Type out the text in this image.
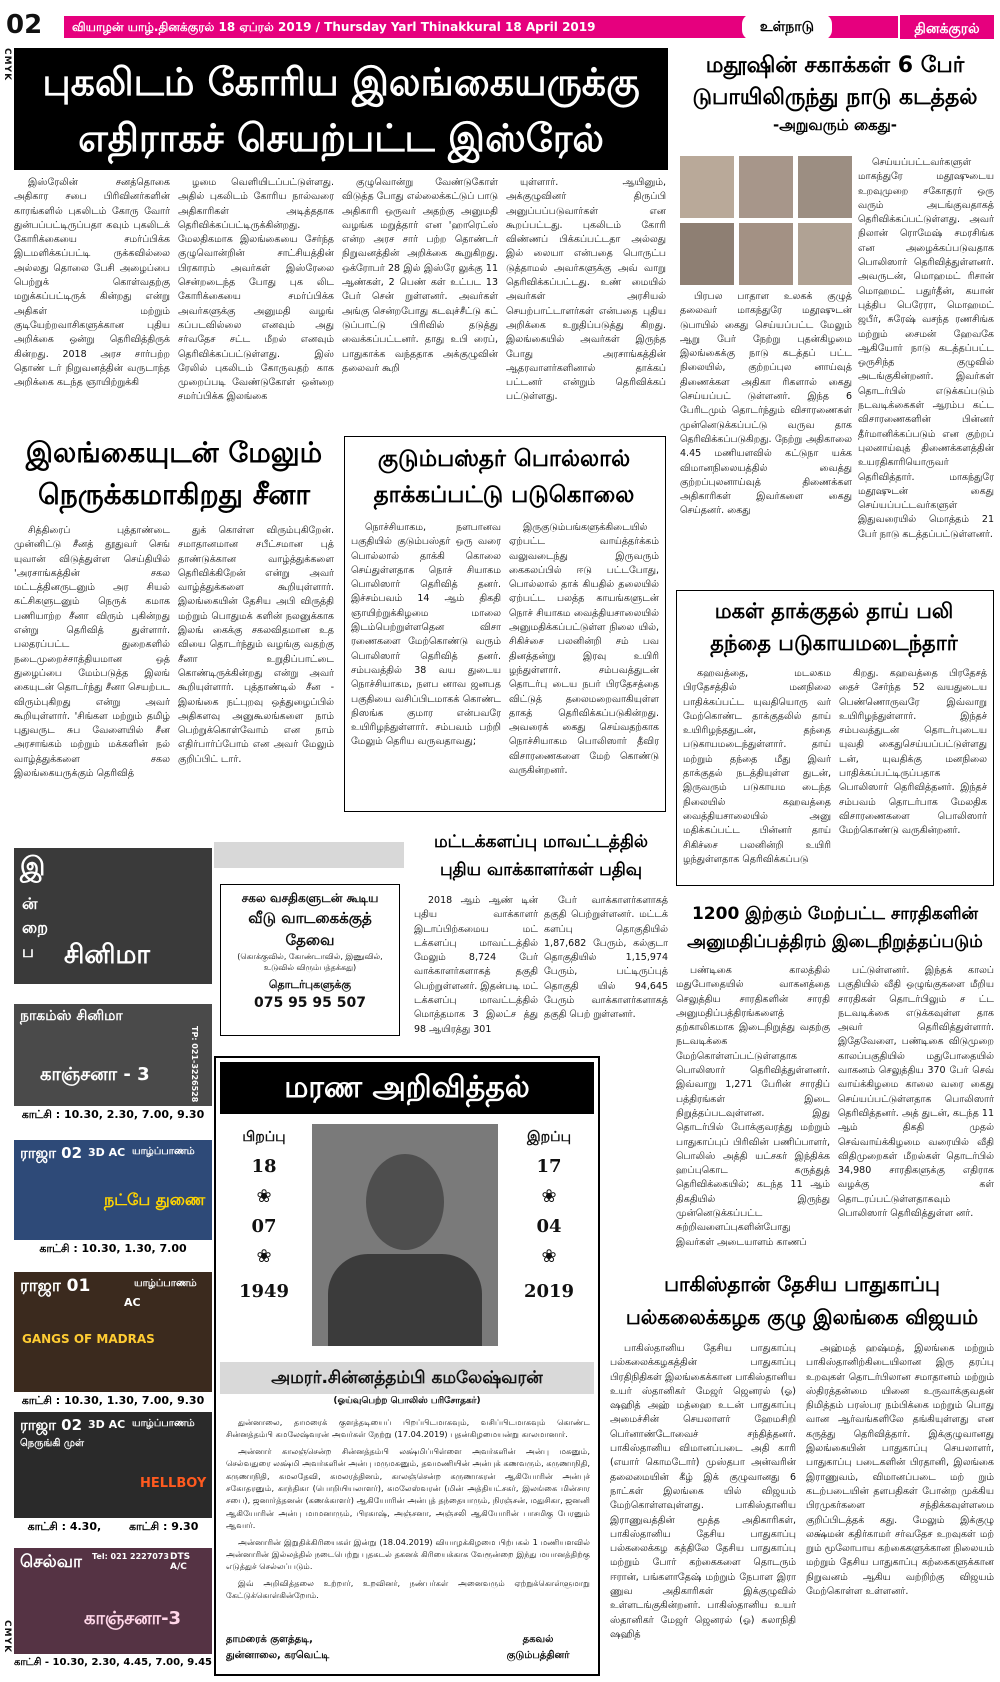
02	வியாழன் யாழ்.தினக்குரல் 18 ஏப்ரல் 2019 / Thursday Yarl Thinakkural 18 April 2019	உள்நாடு	தினக்குரல்
CMYK
CMYK
புகலிடம் கோரிய இலங்கையருக்கு
எதிராகச் செயற்பட்ட இஸ்ரேல்

இஸ்ரேலின் சனத்தொகை அதிகார சபை பிரிவினர்களின் காரங்களில் புகலிடம் கோரு வோர் துன்பப்பட்டிருப்பதா கவும் புகலிடக் கோரிக்கையை சமர்ப்பிக்க இடமளிக்கப்பட்டி ருக்கவில்லை அல்லது தொலை பேசி அழைப்பை பெற்றுக் கொள்வதற்கு மறுக்கப்பட்டிருக் கின்றது என்று அதிகள் மற்றும் குடியேற்றவாசிகளுக்கான புதிய அறிக்கை ஒன்று தெரிவித்திருக் கின்றது. 2018 அரச சார்பற்ற தொண் டர் நிறுவனத்தின் வருடாந்த அறிக்கை கடந்த ஞாயிற்றுக்கி

ழமை வெளியிடப்பட்டுள்ளது. அதில் புகலிடம் கோரிய நால்வரை அதிகாரிகள் அடித்ததாக தெரிவிக்கப்பட்டிருக்கின்றது. மேலதிகமாக இலங்கையை சேர்ந்த குழுவொன்றின் சாட்சியத்தின் பிரகாரம் அவர்கள் இஸ்ரேலை சென்றடைந்த போது புக லிட கோரிக்கையை சமர்ப்பிக்க அவர்களுக்கு அனுமதி வழங் கப்படவில்லை எனவும் அது சர்வதேச சட்ட மீறல் எனவும் தெரிவிக்கப்பட்டுள்ளது. இஸ் ரேலில் புகலிடம் கோருவதற் காக முறைப்படி வேண்டுகோள் ஒன்றை சமர்ப்பிக்க இலங்கை

குழுவொன்று வேண்டுகோள் விடுத்த போது எல்லைக்கட்டுப் பாடு அதிகாரி ஒருவர் அதற்கு அனுமதி வழங்க மறுத்தார் என 'ஹாரெட்ஸ் என்ற அரச சார் பற்ற தொண்டர் நிறுவனத்தின் அறிக்கை கூறுகிறது. ஒக்ரோபர் 28 இல் இஸ்ரே லுக்கு 11 ஆண்கள், 2 பெண் கள் உட்பட 13 பேர் சென் றுள்ளனர். அவர்கள் அங்கு சென்றபோது கடவுச்சீட்டு கட் டுப்பாட்டு பிரிவில் தடுத்து வைக்கப்பட்டனர். தாது உபி ரைப், பாதுகாக்க வந்ததாக அக்குழுவின் தலைவர் கூறி

யுள்ளார். ஆயினும், அக்குழுவினர் திருப்பி அனுப்பப்படுவார்கள் என கூறப்பட்டது. புகலிடம் கோரி விண்ணப் பிக்கப்பட்டதா அல்லது இல் லையா என்பதை பொருட்ப டுத்தாமல் அவர்களுக்கு அவ் வாறு தெரிவிக்கப்பட்டது. உண் மையில் அவர்கள் அரசியல் செயற்பாட்டாளர்கள் என்பதை புதிய அறிக்கை உறுதிப்படுத்து கிறது. இலங்கையில் அவர்கள் இருந்த போது அரசாங்கத்தின் ஆதரவாளர்களினால் தாக்கப் பட்டனர் என்றும் தெரிவிக்கப் பட்டுள்ளது.

மதூஷின் சகாக்கள் 6 பேர்
டுபாயிலிருந்து நாடு கடத்தல்
-அறுவரும் கைது-

செய்யப்பட்டவர்களுள் மாகந்துரே மதூஷுடைய உறவுமுறை சகோதரர் ஒரு வரும் அடங்குவதாகத் தெரிவிக்கப்பட்டுள்ளது. அவர் நிலான் ரொமேஷ் சமரசிங்க என அழைக்கப்படுவதாக பொலிஸார் தெரிவித்துள்ளனர். அவருடன், மொஹமட் ரிசான் மொஹமட் பதுர்தீன், கயான் புத்திப பெரேரா, மொஹமட் ஜபீர், சுரேஷ் வசந்த ரணசிங்க மற்றும் சைமன் ஹேவகே ஆகியோர் நாடு கடத்தப்பட்ட ஒருசிந்த குழுவில் அடங்குகின்றனர். இவர்கள் தொடர்பில் எடுக்கப்படும் நடவடிக்கைகள் ஆரம்ப கட்ட விசாரணைகளின் பின்னர் தீர்மானிக்கப்படும் என குற்றப் புலனாய்வுத் திணைக்களத்தின் உயரதிகாரியொருவர் தெரிவித்தார். மாகந்துரே மதூஷுடன் கைது செய்யப்பட்டவர்களுள் இதுவரையில் மொத்தம் 21 பேர் நாடு கடத்தப்பட்டுள்ளனர்.

பிரபல பாதாள உலகக் குழுத் தலைவர் மாகந்துரே மதூஷுடன் டுபாயில் கைது செய்யப்பட்ட மேலும் ஆறு பேர் நேற்று புதன்கிழமை இலங்கைக்கு நாடு கடத்தப் பட்ட நிலையில், குற்றப்புல னாய்வுத் திணைக்கள அதிகா ரிகளால் கைது செய்யப்பட் டுள்ளனர். இந்த 6 பேரிடமும் தொடர்ந்தும் விசாரணைகள் முன்னெடுக்கப்பட்டு வருவ தாக தெரிவிக்கப்படுகிறது. நேற்று அதிகாலை 4.45 மணியளவில் கட்டுநா யக்க விமானநிலையத்தில் வைத்து குற்றப்புலனாய்வுத் திணைக்கள அதிகாரிகள் இவர்களை கைது செய்தனர். கைது

இலங்கையுடன் மேலும்
நெருக்கமாகிறது சீனா

சித்திரைப் புத்தாண்டை முன்னிட்டு சீனத் தூதுவர் செங் யுவான் விடுத்துள்ள செய்தியில் 'அரசாங்கத்தின் சகல மட்டத்தினருடனும் அர சியல் கட்சிகளுடனும் நெருக் கமாக பணியாற்ற சீனா விரும் புகின்றது என்று தெரிவித் துள்ளார். பலதரப்பட்ட துறைகளில் நடைமுறைச்சாத்தியமான ஒத் துழைப்பை மேம்படுத்த இலங் கையுடன் தொடர்ந்து சீனா செயற்பட விரும்புகிறது என்று அவர் கூறியுள்ளார். 'சிங்கள மற்றும் தமிழ் புதுவருட சுப வேளையில் சீன அரசாங்கம் மற்றும் மக்களின் நல் வாழ்த்துக்களை சகல இலங்கையருக்கும் தெரிவித்

துக் கொள்ள விரும்புகிறேன். சமாதானமான சபீட்சமான புத் தாண்டுக்கான வாழ்த்துக்களை தெரிவிக்கிறேன் என்று அவர் வாழ்த்துக்களை கூறியுள்ளார். இலங்கையின் தேசிய அபி விருத்தி மற்றும் பொதுமக் களின் நலனுக்காக இலங் கைக்கு சகலவிதமான உத வியை தொடர்ந்தும் வழங்கு வதற்கு சீனா உறுதிப்பாட்டை கொண்டிருக்கின்றது என்று அவர் கூறியுள்ளார். புத்தாண்டில் சீன - இலங்கை நட்புறவு ஒத்துழைப்பில் அதிகளவு அனுகூலங்களை நாம் பெற்றுக்கொள்வோம் என நாம் எதிர்பார்ப்போம் என அவர் மேலும் குறிப்பிட் டார்.

குடும்பஸ்தர் பொல்லால்
தாக்கப்பட்டு படுகொலை

நொச்சியாகம, நளபானவ பகுதியில் குடும்பஸ்தர் ஒரு வரை பொல்லால் தாக்கி கொலை செய்துள்ளதாக நொச் சியாகம பொலிஸார் தெரிவித் தனர். இச்சம்பவம் 14 ஆம் திகதி ஞாயிற்றுக்கிழமை மாலை இடம்பெற்றுள்ளதென விசா ரணைகளை மேற்கொண்டு வரும் பொலிஸார் தெரிவித் தனர். சம்பவத்தில் 38 வய துடைய நொச்சியாகம, நளப னாவ ஜனபத பகுதியை வசிப்பிடமாகக் கொண்ட நிஸங்க குமார என்பவரே உயிரிழந்துள்ளார். சம்பவம் பற்றி மேலும் தெரிய வருவதாவது;

இருகுடும்பங்களுக்கிடையில் ஏற்பட்ட வாய்த்தர்க்கம் வலுவடைந்து இருவரும் கைகலப்பில் ஈடு பட்டபோது, பொல்லால் தாக் கியதில் தலையில் ஏற்பட்ட பலத்த காயங்களுடன் நொச் சியாகம வைத்தியசாலையில் அனுமதிக்கப்பட்டுள்ள நிலை யில், சிகிச்சை பலனின்றி சம் பவ தினத்தன்று இரவு உயிரி ழந்துள்ளார். சம்பவத்துடன் தொடர்பு டைய நபர் பிரதேசத்தை விட்டுத் தலைமறைவாகியுள்ள தாகத் தெரிவிக்கப்படுகின்றது. அவரைக் கைது செய்வதற்காக நொச்சியாகம பொலிஸார் தீவிர விசாரணைகளை மேற் கொண்டு வருகின்றனர்.

மகள் தாக்குதல் தாய் பலி
தந்தை படுகாயமடைந்தார்

கஹவத்தை, மடலகம பிரதேசத்தில் மனநிலை பாதிக்கப்பட்ட யுவதியொரு வர் மேற்கொண்ட தாக்குதலில் தாய் உயிரிழந்ததுடன், தந்தை படுகாயமடைந்துள்ளார். தாய் மற்றும் தந்தை மீது இவர் தாக்குதல் நடத்தியுள்ள துடன், இருவரும் படுகாயம டைந்த நிலையில் கஹவத்தை வைத்தியசாலையில் அனு மதிக்கப்பட்ட பின்னர் தாய் சிகிச்சை பலனின்றி உயிரி ழந்துள்ளதாக தெரிவிக்கப்படு

கிறது. கஹவத்தை பிரதேசத் தைச் சேர்ந்த 52 வயதுடைய பெண்ணொருவரே இவ்வாறு உயிரிழந்துள்ளார். இந்தச் சம்பவத்துடன் தொடர்புடைய யுவதி கைதுசெய்யப்பட்டுள்ளது டன், யுவதிக்கு மனநிலை பாதிக்கப்பட்டிருப்பதாக பொலிஸார் தெரிவித்தனர். இந்தச் சம்பவம் தொடர்பாக மேலதிக விசாரணைகளை பொலிஸார் மேற்கொண்டு வருகின்றனர்.

இ
ன் றை ப	சினிமா
நாகம்ஸ் சினிமா
காஞ்சனா - 3	TP: 021-3226528
காட்சி : 10.30, 2.30, 7.00, 9.30
ராஜா 02 3D AC யாழ்ப்பாணம்
நட்பே துணை
காட்சி : 10.30, 1.30, 7.00
ராஜா 01
AC
யாழ்ப்பாணம்
GANGS OF MADRAS
காட்சி : 10.30, 1.30, 7.00, 9.30
ராஜா 02 3D AC யாழ்ப்பாணம்
நெருங்கி முள்
HELLBOY
காட்சி : 4.30,	காட்சி : 9.30
செல்வா Tel: 021 2227073 DTS A/C
காஞ்சனா-3
காட்சி - 10.30, 2.30, 4.45, 7.00, 9.45
சகல வசதிகளுடன் கூடிய
வீடு வாடகைக்குத்
தேவை
(கொக்குவில், கோண்டாவில், இணுவில், உடுவில் விரும்பத்தக்கது)
தொடர்புகளுக்கு
075 95 95 507
மட்டக்களப்பு மாவட்டத்தில்
புதிய வாக்காளர்கள் பதிவு

2018 ஆம் ஆண் டின் புதிய வாக்காளர் இடாப்பிற்கமைய மட் டக்களப்பு மாவட்டத்தில் மேலும் 8,724 பேர் வாக்காளர்களாகத் தகுதி பெற்றுள்ளனர். இதன்படி மட் டக்களப்பு மாவட்டத்தில் மொத்தமாக 3 இலட்ச த்து 98 ஆயிரத்து 301

பேர் வாக்காளர்களாகத் தகுதி பெற்றுள்ளனர். மட்டக் களப்பு தொகுதியில் 1,87,682 பேரும், கல்குடா தொகுதியில் 1,15,974 பேரும், பட்டிருப்புத் தொகுதி யில் 94,645 பேரும் வாக்காளர்களாகத் தகுதி பெற் றுள்ளனர்.

1200 இற்கும் மேற்பட்ட சாரதிகளின்
அனுமதிப்பத்திரம் இடைநிறுத்தப்படும்

பண்டிகை காலத்தில் மதுபோதையில் வாகனத்தை செலுத்திய சாரதிகளின் சாரதி அனுமதிப்பத்திரங்களைத் தற்காலிகமாக இடைநிறுத்து வதற்கு நடவடிக்கை மேற்கொள்ளப்பட்டுள்ளதாக பொலிஸார் தெரிவித்துள்ளனர். இவ்வாறு 1,271 பேரின் சாரதிப் பத்திரங்கள் இடை நிறுத்தப்படவுள்ளன. இது தொடர்பில் போக்குவரத்து மற்றும் பாதுகாப்புப் பிரிவின் பணிப்பாளர், பொலிஸ் அத்தி யட்சகர் இந்திக்க ஹப்புகொட கருத்துத் தெரிவிக்கையில்; கடந்த 11 ஆம் திகதியில் இருந்து முன்னெடுக்கப்பட்ட சுற்றிவளைப்புகளின்போது இவர்கள் அடையாளம் காணப்

பட்டுள்ளனர். இந்தக் காலப் பகுதியில் வீதி ஒழுங்குகளை மீறிய சாரதிகள் தொடர்பிலும் ச ட்ட நடவடிக்கை எடுக்கவுள்ள தாக அவர் தெரிவித்துள்ளார். இதேவேளை, பண்டிகை விடுமுறை காலப்பகுதியில் மதுபோதையில் வாகனம் செலுத்திய 370 பேர் செவ் வாய்க்கிழமை காலை வரை கைது செய்யப்பட்டுள்ளதாக பொலிஸார் தெரிவித்தனர். அத் துடன், கடந்த 11 ஆம் திகதி முதல் செவ்வாய்க்கிழமை வரையில் வீதி விதிமுறைகள் மீறல்கள் தொடர்பில் 34,980 சாரதிகளுக்கு எதிராக வழக்கு கள் தொடரப்பட்டுள்ளதாகவும் பொலிஸார் தெரிவித்துள்ள னர்.

மரண அறிவித்தல்
பிறப்பு
18
❀
07
❀
1949
இறப்பு
17
❀
04
❀
2019
அமரர்.சின்னத்தம்பி கமலேஷ்வரன்
(ஓய்வுபெற்ற பொலிஸ் பரிசோதகர்)

துன்னாலை, தாமரைக் குளத்தடியைப் பிறப்பிடமாகவும், வசிப்பிடமாகவும் கொண்ட சின்னத்தம்பி கமலேஷ்வரன் அவர்கள் நேற்று (17.04.2019) புதன்கிழமையன்று காலமானார்.

அன்னார் காலஞ்சென்ற சின்னத்தம்பி லக்ஷ்மிப்பிள்ளை அவர்களின் அன்பு மகனும், செல்வதுரை லக்ஷ்மி அவர்களின் அன்பு மருமகனும், தவமணியின் அன்புக் கணவரும், கருணாநிதி, கருணாநிதி, கமலதேவி, கமலரத்தினம், காலஞ்சென்ற கருணாகரன் ஆகியோரின் அன்புச் சகோதரனும், காந்திகா (பொறியியலாளர்), கமலேஸ்வரன் (மின் அத்தியட்சகர், இலங்கை மின்சார சபை), ஜனார்த்தனன் (கணக்காளர்) ஆகியோரின் அன்புத் தந்தையாரும், நிரஞ்சன், மதுசிகா, ஜனனி ஆகியோரின் அன்பு மாமனாரும், பிரகாஷ், அஞ்சனா, அஞ்சலி ஆகியோரின் பாசமிகு பேரனும் ஆவார்.

அன்னாரின் இறுதிக்கிரியைகள் இன்று (18.04.2019) வியாழக்கிழமை பிற்பகல் 1 மணியளவில் அன்னாரின் இல்லத்தில் நடைபெற்று புதகடல் தகனக் கிரியைக்காக வேரூன்றை இந்து மயானத்திற்கு எடுத்துச் செல்லப்படும்.

இவ் அறிவித்தலை உற்றார், உறவினர், நண்பர்கள் அனைவரும் ஏற்றுக்கொள்ளுமாறு கேட்டுக்கொள்கின்றோம்.

தாமரைக் குளத்தடி, துன்னாலை, கரவெட்டி
தகவல்
குடும்பத்தினர்
பாகிஸ்தான் தேசிய பாதுகாப்பு
பல்கலைக்கழக குழு இலங்கை விஜயம்

பாகிஸ்தானிய தேசிய பாதுகாப்பு பல்கலைக்கழகத்தின் பாதுகாப்பு பிரதிநிதிகள் இலங்கைக்கான பாகிஸ்தானிய உயர் ஸ்தானிகர் மேஜர் ஜெனரல் (ஓ) ஷஹித் அஹ் மத்ஹை உடன் பாதுகாப்பு அமைச்சின் செயலாளர் ஹேமசிறி பெர்னாண்டோவைச் சந்தித்தனர். பாகிஸ்தானிய விமானப்படை அதி காரி (எயார் கொமடோர்) முஸ்தபா அன்வரின் தலைமையின் கீழ் இக் குழுவானது 6 நாட்கள் இலங்கை யில் விஜயம் மேற்கொள்ளவுள்ளது. பாகிஸ்தானிய இராணுவத்தின் மூத்த அதிகாரிகள், பாகிஸ்தானிய தேசிய பாதுகாப்பு பல்கலைக்கழ கத்திலே தேசிய பாதுகாப்பு மற்றும் போர் கற்கைகளை தொடரும் ஈரான், பங்களாதேஷ் மற்றும் நேபாள இரா ணுவ அதிகாரிகள் இக்குழுவில் உள்ளடங்குகின்றனர். பாகிஸ்தானிய உயர் ஸ்தானிகர் மேஜர் ஜெனரல் (ஓ) கலாநிதி ஷஹித்

அஹ்மத் ஹஷ்மத், இலங்கை மற்றும் பாகிஸ்தானிற்கிடையிலான இரு தரப்பு உறவுகள் தொடர்பிலான சமாதானம் மற்றும் ஸ்திரத்தன்மை யினை உருவாக்குவதன் நிமித்தம் பரஸ்பர நம்பிக்கை மற்றும் பொது வான ஆர்வங்களிலே தங்கியுள்ளது என கருத்து தெரிவித்தார். இக்குழுவானது இலங்கையின் பாதுகாப்பு செயலாளர், பாதுகாப்பு படைகளின் பிரதானி, இலங்கை இராணுவம், விமானப்படை மற் றும் கடற்படையின் தளபதிகள் போன்ற முக்கிய பிரமுகர்களை சந்திக்கவுள்ளமை குறிப்பிடத்தக் கது. மேலும் இக்குழு லக்ஷ்மன் கதிர்காமர் சர்வதேச உறவுகள் மற் றும் மூலோபாய கற்கைகளுக்கான நிலையம் மற்றும் தேசிய பாதுகாப்பு கற்கைகளுக்கான நிறுவனம் ஆகிய வற்றிற்கு விஜயம் மேற்கொள்ள உள்ளனர்.
